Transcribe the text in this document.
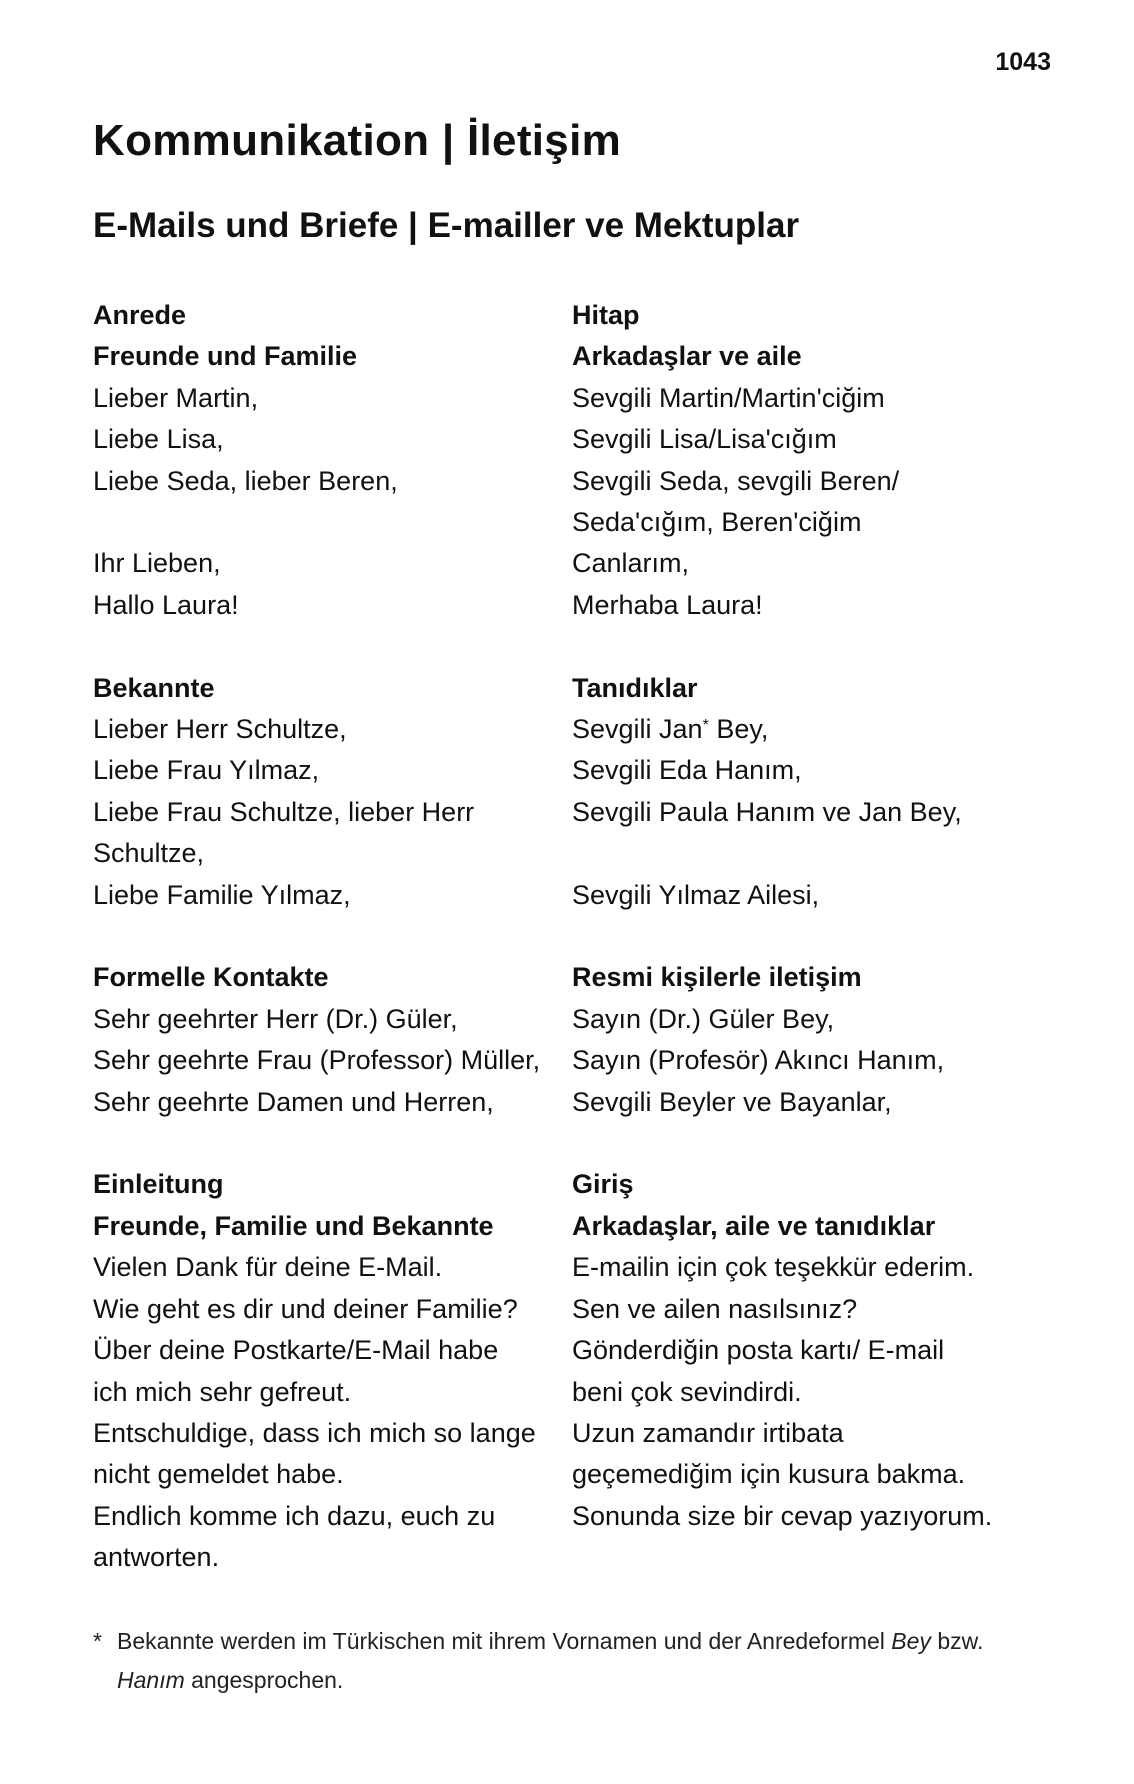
1043
Kommunikation | İletişim
E-Mails und Briefe | E-mailler ve Mektuplar
Anrede	Hitap
Freunde und Familie	Arkadaşlar ve aile
Lieber Martin,	Sevgili Martin/Martin'ciğim
Liebe Lisa,	Sevgili Lisa/Lisa'cığım
Liebe Seda, lieber Beren,	Sevgili Seda, sevgili Beren/
Seda'cığım, Beren'ciğim
Ihr Lieben,	Canlarım,
Hallo Laura!	Merhaba Laura!
Bekannte	Tanıdıklar
Lieber Herr Schultze,	Sevgili Jan* Bey,
Liebe Frau Yılmaz,	Sevgili Eda Hanım,
Liebe Frau Schultze, lieber Herr	Sevgili Paula Hanım ve Jan Bey,
Schultze,
Liebe Familie Yılmaz,	Sevgili Yılmaz Ailesi,
Formelle Kontakte	Resmi kişilerle iletişim
Sehr geehrter Herr (Dr.) Güler,	Sayın (Dr.) Güler Bey,
Sehr geehrte Frau (Professor) Müller,	Sayın (Profesör) Akıncı Hanım,
Sehr geehrte Damen und Herren,	Sevgili Beyler ve Bayanlar,
Einleitung	Giriş
Freunde, Familie und Bekannte	Arkadaşlar, aile ve tanıdıklar
Vielen Dank für deine E-Mail.	E-mailin için çok teşekkür ederim.
Wie geht es dir und deiner Familie?	Sen ve ailen nasılsınız?
Über deine Postkarte/E-Mail habe	Gönderdiğin posta kartı/ E-mail
ich mich sehr gefreut.	beni çok sevindirdi.
Entschuldige, dass ich mich so lange	Uzun zamandır irtibata
nicht gemeldet habe.	geçemediğim için kusura bakma.
Endlich komme ich dazu, euch zu	Sonunda size bir cevap yazıyorum.
antworten.
* Bekannte werden im Türkischen mit ihrem Vornamen und der Anredeformel Bey bzw.
Hanım angesprochen.
